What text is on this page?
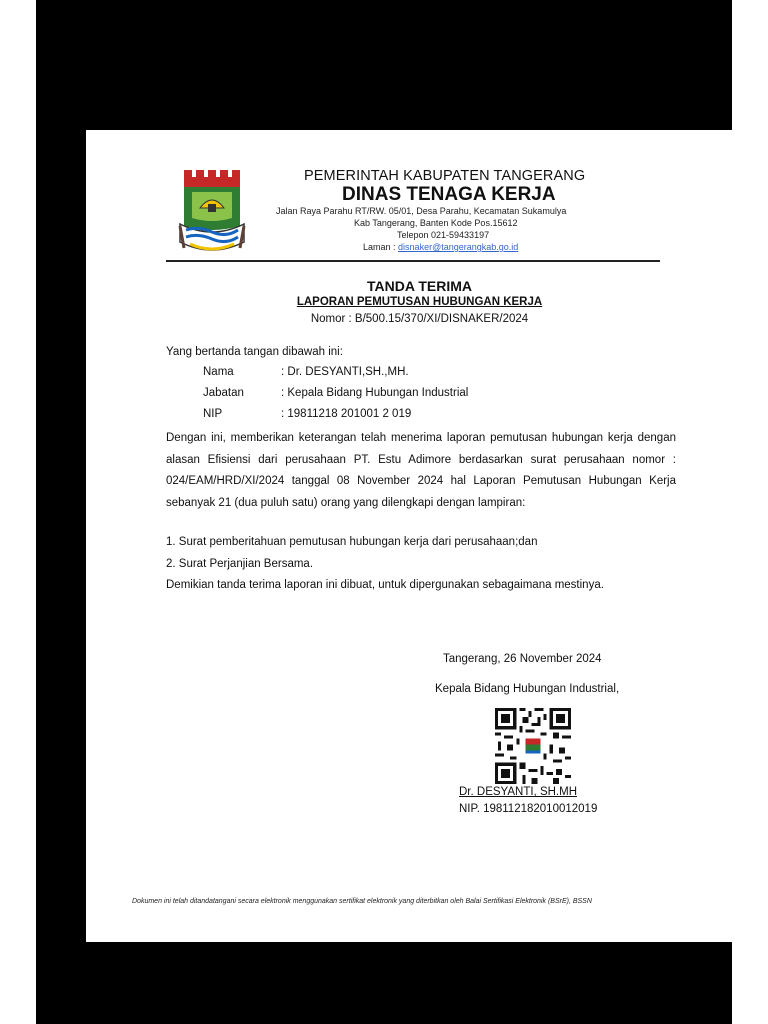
PEMERINTAH KABUPATEN TANGERANG
DINAS TENAGA KERJA
Jalan Raya Parahu RT/RW. 05/01, Desa Parahu, Kecamatan Sukamulya
Kab Tangerang, Banten Kode Pos.15612
Telepon 021-59433197
Laman : disnaker@tangerangkab.go.id
TANDA TERIMA
LAPORAN PEMUTUSAN HUBUNGAN KERJA
Nomor : B/500.15/370/XI/DISNAKER/2024
Yang bertanda tangan dibawah ini:
Nama	: Dr. DESYANTI,SH.,MH.
Jabatan	: Kepala Bidang Hubungan Industrial
NIP	: 19811218 201001 2 019
Dengan ini, memberikan keterangan telah menerima laporan pemutusan hubungan kerja dengan alasan Efisiensi dari perusahaan PT. Estu Adimore berdasarkan surat perusahaan nomor : 024/EAM/HRD/XI/2024 tanggal 08 November 2024 hal Laporan Pemutusan Hubungan Kerja sebanyak 21 (dua puluh satu) orang yang dilengkapi dengan lampiran:
1. Surat pemberitahuan pemutusan hubungan kerja dari perusahaan;dan
2. Surat Perjanjian Bersama.
Demikian tanda terima laporan ini dibuat, untuk dipergunakan sebagaimana mestinya.
Tangerang, 26 November 2024
Kepala Bidang Hubungan Industrial,
Dr. DESYANTI, SH.MH
NIP. 198112182010012019
Dokumen ini telah ditandatangani secara elektronik menggunakan sertifikat elektronik yang diterbitkan oleh Balai Sertifikasi Elektronik (BSrE), BSSN
